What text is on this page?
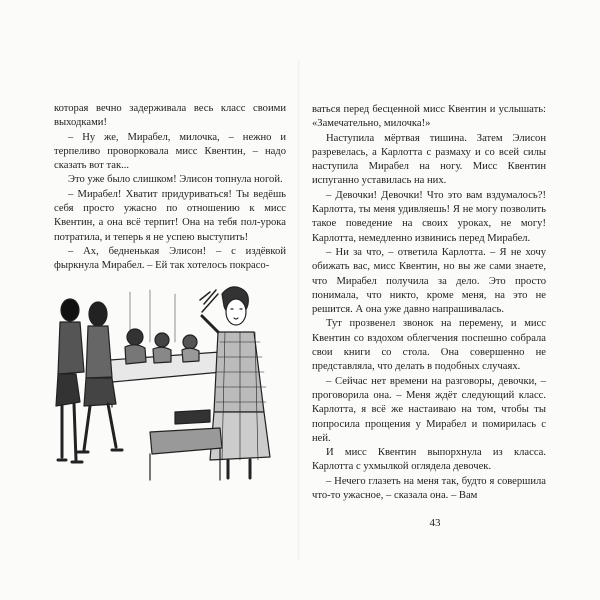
которая вечно задерживала весь класс своими выходками!

– Ну же, Мирабел, милочка, – нежно и терпеливо проворковала мисс Квентин, – надо сказать вот так...

Это уже было слишком! Элисон топнула ногой.

– Мирабел! Хватит придуриваться! Ты ведёшь себя просто ужасно по отношению к мисс Квентин, а она всё терпит! Она на тебя пол-урока потратила, и теперь я не успею выступить!

– Ах, бедненькая Элисон! – с издёвкой фыркнула Мирабел. – Ей так хотелось покрасо-

ваться перед бесценной мисс Квентин и услышать: «Замечательно, милочка!»

Наступила мёртвая тишина. Затем Элисон разревелась, а Карлотта с размаху и со всей силы наступила Мирабел на ногу. Мисс Квентин испуганно уставилась на них.

– Девочки! Девочки! Что это вам вздумалось?! Карлотта, ты меня удивляешь! Я не могу позволить такое поведение на своих уроках, не могу! Карлотта, немедленно извинись перед Мирабел.

– Ни за что, – ответила Карлотта. – Я не хочу обижать вас, мисс Квентин, но вы же сами знаете, что Мирабел получила за дело. Это просто понимала, что никто, кроме меня, на это не решится. А она уже давно напрашивалась.

Тут прозвенел звонок на перемену, и мисс Квентин со вздохом облегчения поспешно собрала свои книги со стола. Она совершенно не представляла, что делать в подобных случаях.

– Сейчас нет времени на разговоры, девочки, – проговорила она. – Меня ждёт следующий класс. Карлотта, я всё же настаиваю на том, чтобы ты попросила прощения у Мирабел и помирилась с ней.

И мисс Квентин выпорхнула из класса. Карлотта с ухмылкой оглядела девочек.

– Нечего глазеть на меня так, будто я совершила что-то ужасное, – сказала она. – Вам

43
